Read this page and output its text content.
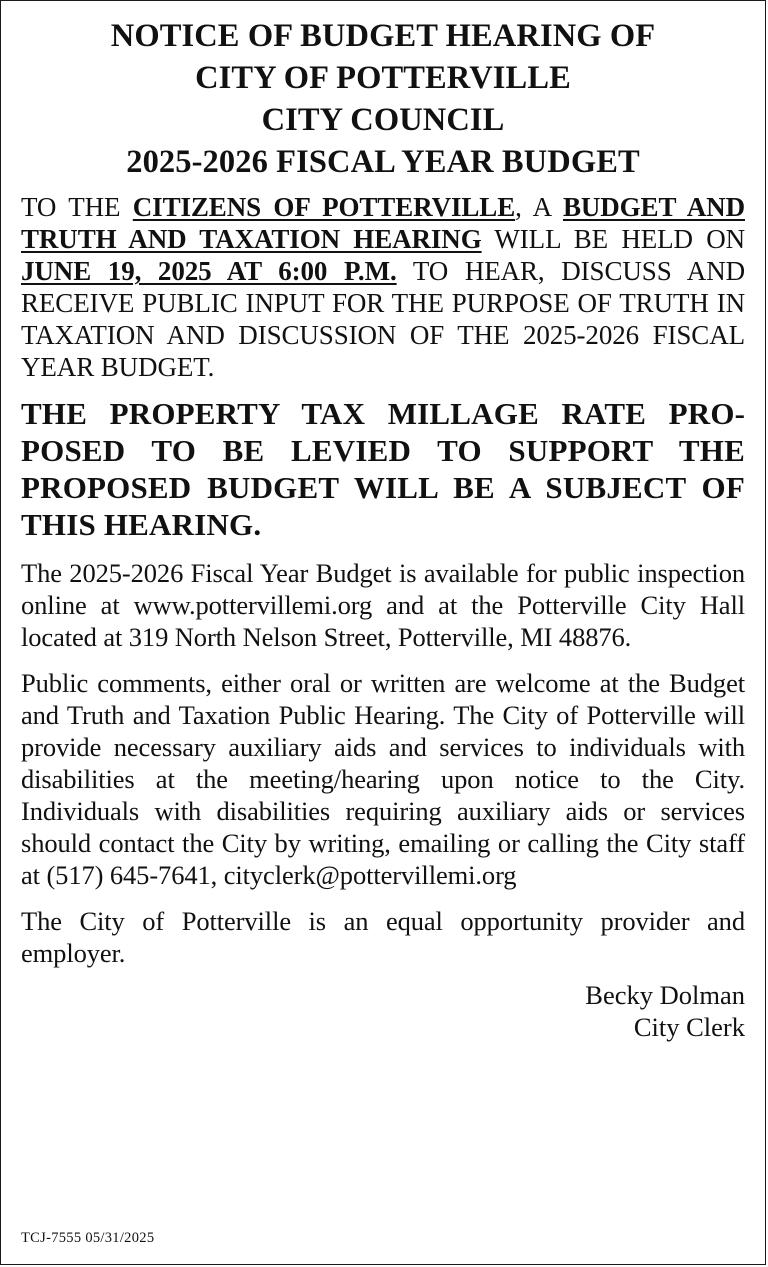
NOTICE OF BUDGET HEARING OF
CITY OF POTTERVILLE
CITY COUNCIL
2025-2026 FISCAL YEAR BUDGET
TO THE CITIZENS OF POTTERVILLE, A BUDGET AND TRUTH AND TAXATION HEARING WILL BE HELD ON JUNE 19, 2025 AT 6:00 P.M. TO HEAR, DISCUSS AND RECEIVE PUBLIC INPUT FOR THE PURPOSE OF TRUTH IN TAXATION AND DISCUSSION OF THE 2025-2026 FISCAL YEAR BUDGET.
THE PROPERTY TAX MILLAGE RATE PROPOSED TO BE LEVIED TO SUPPORT THE PROPOSED BUDGET WILL BE A SUBJECT OF THIS HEARING.
The 2025-2026 Fiscal Year Budget is available for public inspection online at www.pottervillemi.org and at the Potterville City Hall located at 319 North Nelson Street, Potterville, MI 48876.
Public comments, either oral or written are welcome at the Budget and Truth and Taxation Public Hearing. The City of Potterville will provide necessary auxiliary aids and services to individuals with disabilities at the meeting/hearing upon notice to the City. Individuals with disabilities requiring auxiliary aids or services should contact the City by writing, emailing or calling the City staff at (517) 645-7641, cityclerk@pottervillemi.org
The City of Potterville is an equal opportunity provider and employer.
Becky Dolman
City Clerk
TCJ-7555 05/31/2025
